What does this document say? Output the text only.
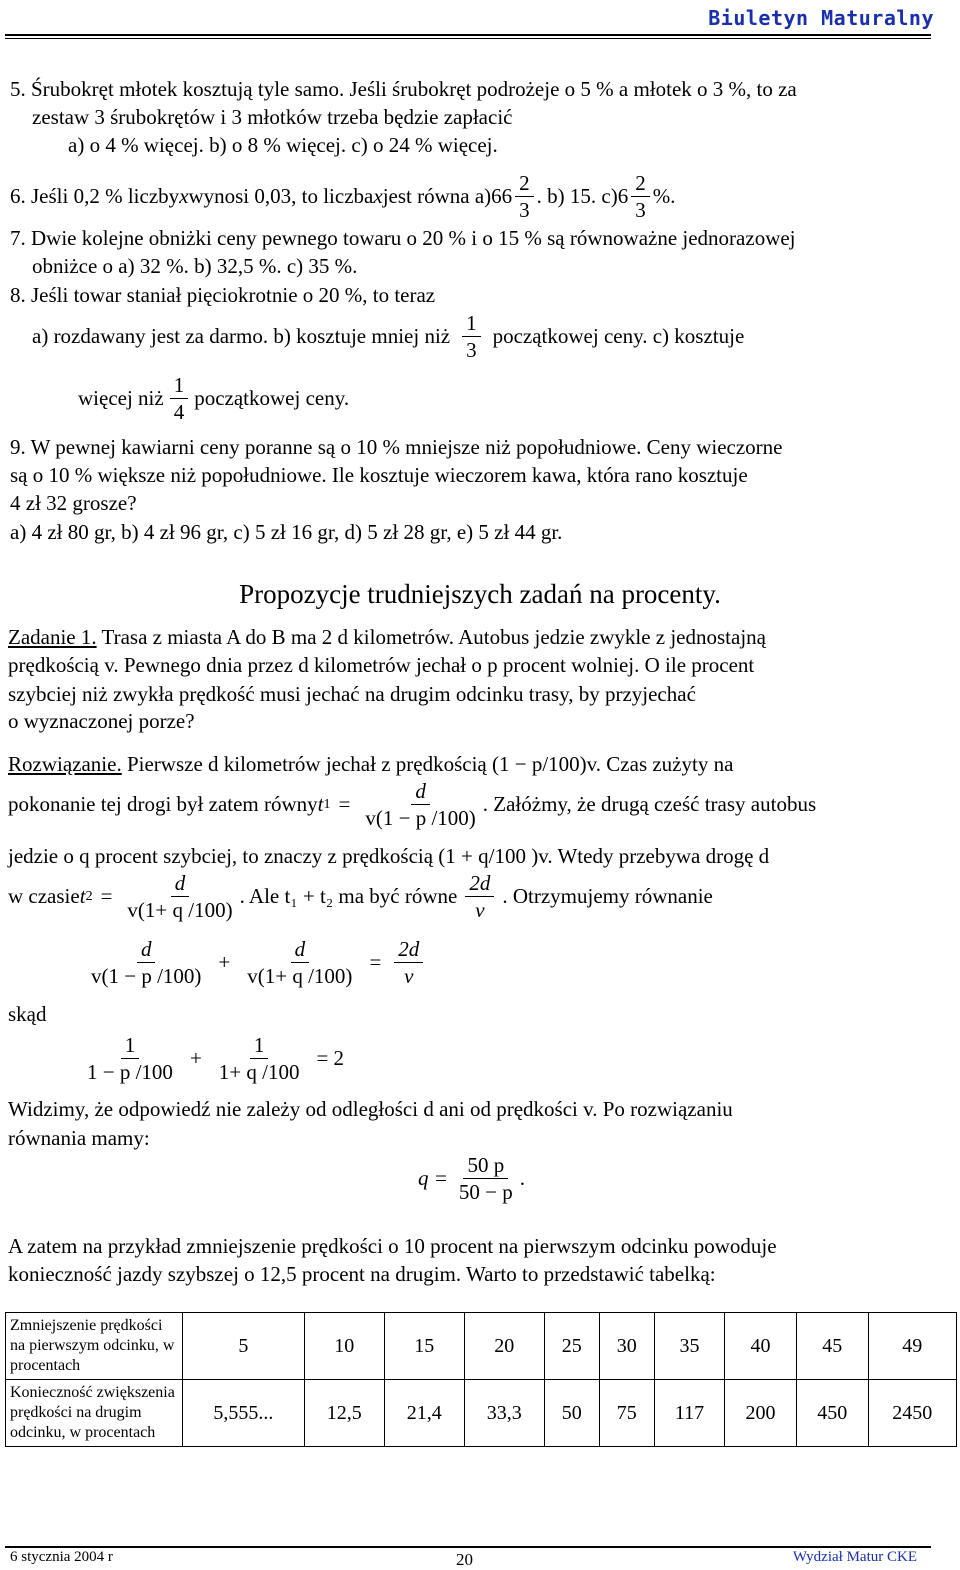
Biuletyn Maturalny
5. Śrubokręt młotek kosztują tyle samo. Jeśli śrubokręt podrożeje o 5 % a młotek o 3 %, to za
zestaw 3 śrubokrętów i 3 młotków trzeba będzie zapłacić
a) o 4 % więcej. b) o 8 % więcej. c) o 24 % więcej.
6. Jeśli 0,2 % liczby x wynosi 0,03, to liczba x jest równa a) $66 \frac{2}{3}$ . b) 15. c) $6 \frac{2}{3}$ %.
7. Dwie kolejne obniżki ceny pewnego towaru o 20 % i o 15 % są równoważne jednorazowej
obniżce o a) 32 %. b) 32,5 %. c) 35 %.
8. Jeśli towar staniał pięciokrotnie o 20 %, to teraz
a) rozdawany jest za darmo. b) kosztuje mniej niż $\frac{1}{3}$ początkowej ceny. c) kosztuje
więcej niż $\frac{1}{4}$ początkowej ceny.
9. W pewnej kawiarni ceny poranne są o 10 % mniejsze niż popołudniowe. Ceny wieczorne
są o 10 % większe niż popołudniowe. Ile kosztuje wieczorem kawa, która rano kosztuje
4 zł 32 grosze?
a) 4 zł 80 gr, b) 4 zł 96 gr, c) 5 zł 16 gr, d) 5 zł 28 gr, e) 5 zł 44 gr.
Propozycje trudniejszych zadań na procenty.
Zadanie 1. Trasa z miasta A do B ma 2 d kilometrów. Autobus jedzie zwykle z jednostajną
prędkością v. Pewnego dnia przez d kilometrów jechał o p procent wolniej. O ile procent
szybciej niż zwykła prędkość musi jechać na drugim odcinku trasy, by przyjechać
o wyznaczonej porze?
Rozwiązanie. Pierwsze d kilometrów jechał z prędkością (1 − p/100)v. Czas zużyty na
pokonanie tej drogi był zatem równy t $1 = \frac{d}{v(1 - p /100)}$ . Załóżmy, że drugą cześć trasy autobus
jedzie o q procent szybciej, to znaczy z prędkością (1 + q/100 )v. Wtedy przebywa drogę d
w czasie t $2 = \frac{d}{v(1+ q /100)}$ . Ale t₁ + t₂ ma być równe $\frac{2d}{v}$ . Otrzymujemy równanie
$\frac{d}{v(1 - p /100)} + \frac{d}{v(1+ q /100)} = \frac{2d}{v}$
skąd
$\frac{1}{1 - p /100} + \frac{1}{1+ q /100} = 2$
Widzimy, że odpowiedź nie zależy od odległości d ani od prędkości v. Po rozwiązaniu
równania mamy:
$q = \frac{50 p}{50 - p}$ .
A zatem na przykład zmniejszenie prędkości o 10 procent na pierwszym odcinku powoduje
konieczność jazdy szybszej o 12,5 procent na drugim. Warto to przedstawić tabelką:
Zmniejszenie prędkości na pierwszym odcinku, w procentach	5	10	15	20	25	30	35	40	45	49
Konieczność zwiększenia prędkości na drugim odcinku, w procentach	5,555...	12,5	21,4	33,3	50	75	117	200	450	2450
6 stycznia 2004 r	20	Wydział Matur CKE
